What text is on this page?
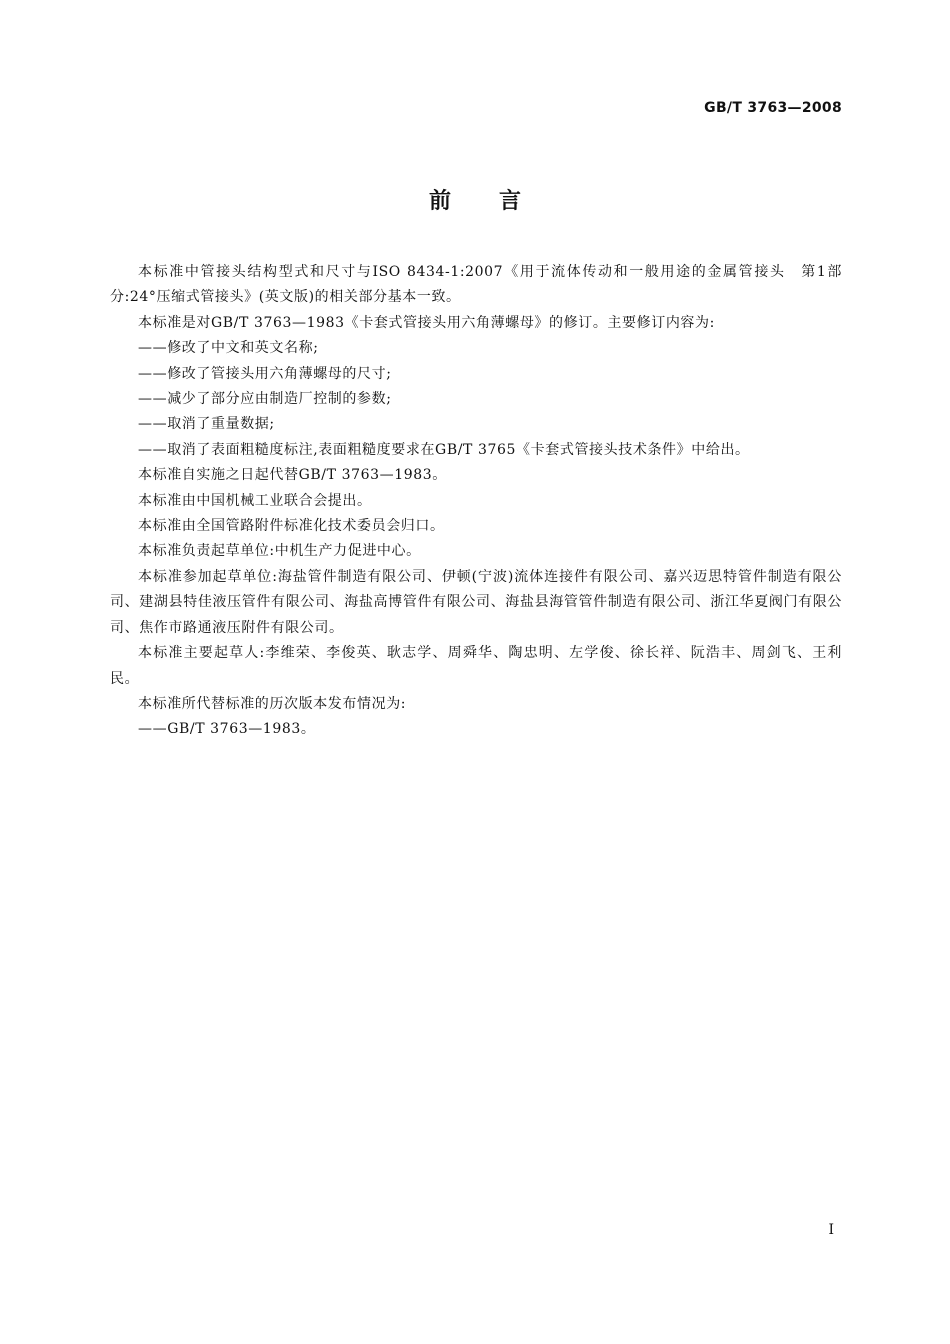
GB/T 3763—2008
前言

本标准中管接头结构型式和尺寸与ISO 8434-1:2007《用于流体传动和一般用途的金属管接头　第1部分:24°压缩式管接头》(英文版)的相关部分基本一致。

本标准是对GB/T 3763—1983《卡套式管接头用六角薄螺母》的修订。主要修订内容为:

——修改了中文和英文名称;

——修改了管接头用六角薄螺母的尺寸;

——减少了部分应由制造厂控制的参数;

——取消了重量数据;

——取消了表面粗糙度标注,表面粗糙度要求在GB/T 3765《卡套式管接头技术条件》中给出。

本标准自实施之日起代替GB/T 3763—1983。

本标准由中国机械工业联合会提出。

本标准由全国管路附件标准化技术委员会归口。

本标准负责起草单位:中机生产力促进中心。

本标准参加起草单位:海盐管件制造有限公司、伊顿(宁波)流体连接件有限公司、嘉兴迈思特管件制造有限公司、建湖县特佳液压管件有限公司、海盐高博管件有限公司、海盐县海管管件制造有限公司、浙江华夏阀门有限公司、焦作市路通液压附件有限公司。

本标准主要起草人:李维荣、李俊英、耿志学、周舜华、陶忠明、左学俊、徐长祥、阮浩丰、周剑飞、王利民。

本标准所代替标准的历次版本发布情况为:

——GB/T 3763—1983。

I
